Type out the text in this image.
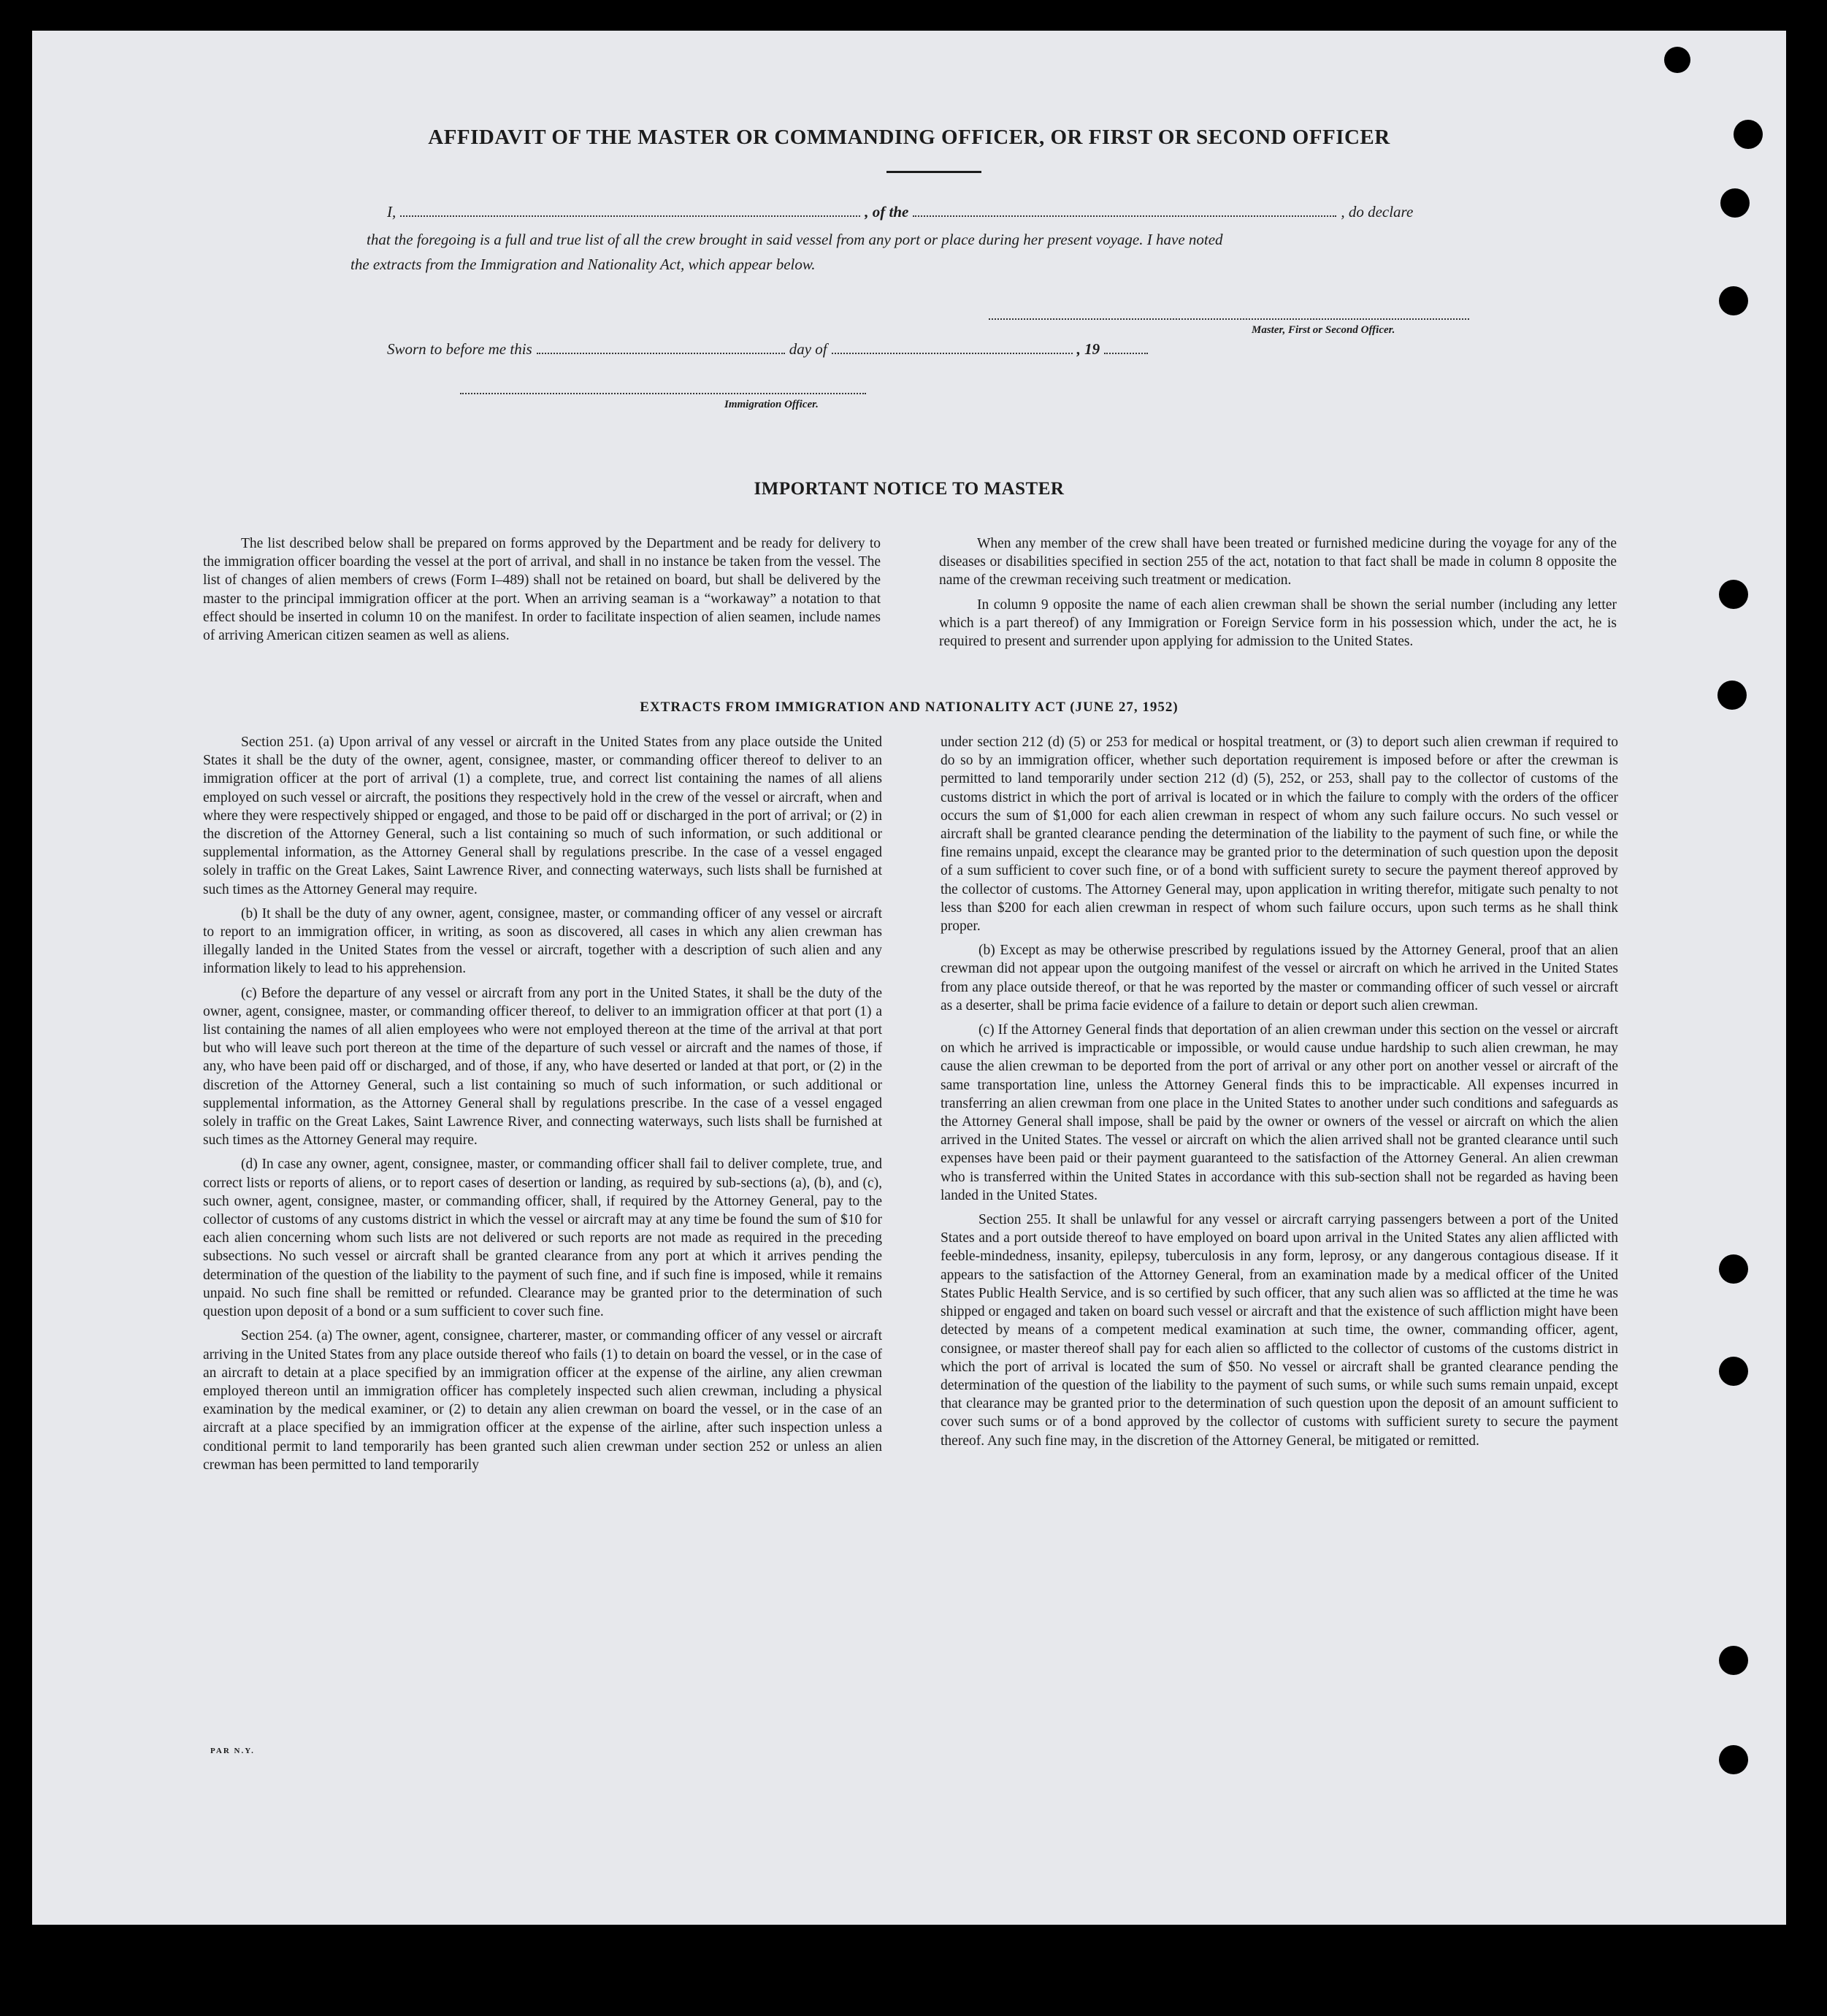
AFFIDAVIT OF THE MASTER OR COMMANDING OFFICER, OR FIRST OR SECOND OFFICER
I,	, of the	, do declare
that the foregoing is a full and true list of all the crew brought in said vessel from any port or place during her present voyage. I have noted
the extracts from the Immigration and Nationality Act, which appear below.
Master, First or Second Officer.
Sworn to before me this	day of	, 19
Immigration Officer.
IMPORTANT NOTICE TO MASTER

The list described below shall be prepared on forms approved by the Department and be ready for delivery to the immigration officer boarding the vessel at the port of arrival, and shall in no instance be taken from the vessel. The list of changes of alien members of crews (Form I–489) shall not be retained on board, but shall be delivered by the master to the principal immigration officer at the port. When an arriving seaman is a “workaway” a notation to that effect should be inserted in column 10 on the manifest. In order to facilitate inspection of alien seamen, include names of arriving American citizen seamen as well as aliens.

When any member of the crew shall have been treated or furnished medicine during the voyage for any of the diseases or disabilities specified in section 255 of the act, notation to that fact shall be made in column 8 opposite the name of the crewman receiving such treatment or medication.

In column 9 opposite the name of each alien crewman shall be shown the serial number (including any letter which is a part thereof) of any Immigration or Foreign Service form in his possession which, under the act, he is required to present and surrender upon applying for admission to the United States.

EXTRACTS FROM IMMIGRATION AND NATIONALITY ACT (JUNE 27, 1952)

Section 251. (a) Upon arrival of any vessel or aircraft in the United States from any place outside the United States it shall be the duty of the owner, agent, consignee, master, or commanding officer thereof to deliver to an immigration officer at the port of arrival (1) a complete, true, and correct list containing the names of all aliens employed on such vessel or aircraft, the positions they respectively hold in the crew of the vessel or aircraft, when and where they were respectively shipped or engaged, and those to be paid off or discharged in the port of arrival; or (2) in the discretion of the Attorney General, such a list containing so much of such information, or such additional or supplemental information, as the Attorney General shall by regulations prescribe. In the case of a vessel engaged solely in traffic on the Great Lakes, Saint Lawrence River, and connecting waterways, such lists shall be furnished at such times as the Attorney General may require.

(b) It shall be the duty of any owner, agent, consignee, master, or commanding officer of any vessel or aircraft to report to an immigration officer, in writing, as soon as discovered, all cases in which any alien crewman has illegally landed in the United States from the vessel or aircraft, together with a description of such alien and any information likely to lead to his apprehension.

(c) Before the departure of any vessel or aircraft from any port in the United States, it shall be the duty of the owner, agent, consignee, master, or commanding officer thereof, to deliver to an immigration officer at that port (1) a list containing the names of all alien employees who were not employed thereon at the time of the arrival at that port but who will leave such port thereon at the time of the departure of such vessel or aircraft and the names of those, if any, who have been paid off or discharged, and of those, if any, who have deserted or landed at that port, or (2) in the discretion of the Attorney General, such a list containing so much of such information, or such additional or supplemental information, as the Attorney General shall by regulations prescribe. In the case of a vessel engaged solely in traffic on the Great Lakes, Saint Lawrence River, and connecting waterways, such lists shall be furnished at such times as the Attorney General may require.

(d) In case any owner, agent, consignee, master, or commanding officer shall fail to deliver complete, true, and correct lists or reports of aliens, or to report cases of desertion or landing, as required by sub-sections (a), (b), and (c), such owner, agent, consignee, master, or commanding officer, shall, if required by the Attorney General, pay to the collector of customs of any customs district in which the vessel or aircraft may at any time be found the sum of $10 for each alien concerning whom such lists are not delivered or such reports are not made as required in the preceding subsections. No such vessel or aircraft shall be granted clearance from any port at which it arrives pending the determination of the question of the liability to the payment of such fine, and if such fine is imposed, while it remains unpaid. No such fine shall be remitted or refunded. Clearance may be granted prior to the determination of such question upon deposit of a bond or a sum sufficient to cover such fine.

Section 254. (a) The owner, agent, consignee, charterer, master, or commanding officer of any vessel or aircraft arriving in the United States from any place outside thereof who fails (1) to detain on board the vessel, or in the case of an aircraft to detain at a place specified by an immigration officer at the expense of the airline, any alien crewman employed thereon until an immigration officer has completely inspected such alien crewman, including a physical examination by the medical examiner, or (2) to detain any alien crewman on board the vessel, or in the case of an aircraft at a place specified by an immigration officer at the expense of the airline, after such inspection unless a conditional permit to land temporarily has been granted such alien crewman under section 252 or unless an alien crewman has been permitted to land temporarily

under section 212 (d) (5) or 253 for medical or hospital treatment, or (3) to deport such alien crewman if required to do so by an immigration officer, whether such deportation requirement is imposed before or after the crewman is permitted to land temporarily under section 212 (d) (5), 252, or 253, shall pay to the collector of customs of the customs district in which the port of arrival is located or in which the failure to comply with the orders of the officer occurs the sum of $1,000 for each alien crewman in respect of whom any such failure occurs. No such vessel or aircraft shall be granted clearance pending the determination of the liability to the payment of such fine, or while the fine remains unpaid, except the clearance may be granted prior to the determination of such question upon the deposit of a sum sufficient to cover such fine, or of a bond with sufficient surety to secure the payment thereof approved by the collector of customs. The Attorney General may, upon application in writing therefor, mitigate such penalty to not less than $200 for each alien crewman in respect of whom such failure occurs, upon such terms as he shall think proper.

(b) Except as may be otherwise prescribed by regulations issued by the Attorney General, proof that an alien crewman did not appear upon the outgoing manifest of the vessel or aircraft on which he arrived in the United States from any place outside thereof, or that he was reported by the master or commanding officer of such vessel or aircraft as a deserter, shall be prima facie evidence of a failure to detain or deport such alien crewman.

(c) If the Attorney General finds that deportation of an alien crewman under this section on the vessel or aircraft on which he arrived is impracticable or impossible, or would cause undue hardship to such alien crewman, he may cause the alien crewman to be deported from the port of arrival or any other port on another vessel or aircraft of the same transportation line, unless the Attorney General finds this to be impracticable. All expenses incurred in transferring an alien crewman from one place in the United States to another under such conditions and safeguards as the Attorney General shall impose, shall be paid by the owner or owners of the vessel or aircraft on which the alien arrived in the United States. The vessel or aircraft on which the alien arrived shall not be granted clearance until such expenses have been paid or their payment guaranteed to the satisfaction of the Attorney General. An alien crewman who is transferred within the United States in accordance with this sub-section shall not be regarded as having been landed in the United States.

Section 255. It shall be unlawful for any vessel or aircraft carrying passengers between a port of the United States and a port outside thereof to have employed on board upon arrival in the United States any alien afflicted with feeble-mindedness, insanity, epilepsy, tuberculosis in any form, leprosy, or any dangerous contagious disease. If it appears to the satisfaction of the Attorney General, from an examination made by a medical officer of the United States Public Health Service, and is so certified by such officer, that any such alien was so afflicted at the time he was shipped or engaged and taken on board such vessel or aircraft and that the existence of such affliction might have been detected by means of a competent medical examination at such time, the owner, commanding officer, agent, consignee, or master thereof shall pay for each alien so afflicted to the collector of customs of the customs district in which the port of arrival is located the sum of $50. No vessel or aircraft shall be granted clearance pending the determination of the question of the liability to the payment of such sums, or while such sums remain unpaid, except that clearance may be granted prior to the determination of such question upon the deposit of an amount sufficient to cover such sums or of a bond approved by the collector of customs with sufficient surety to secure the payment thereof. Any such fine may, in the discretion of the Attorney General, be mitigated or remitted.

PAR N.Y.
